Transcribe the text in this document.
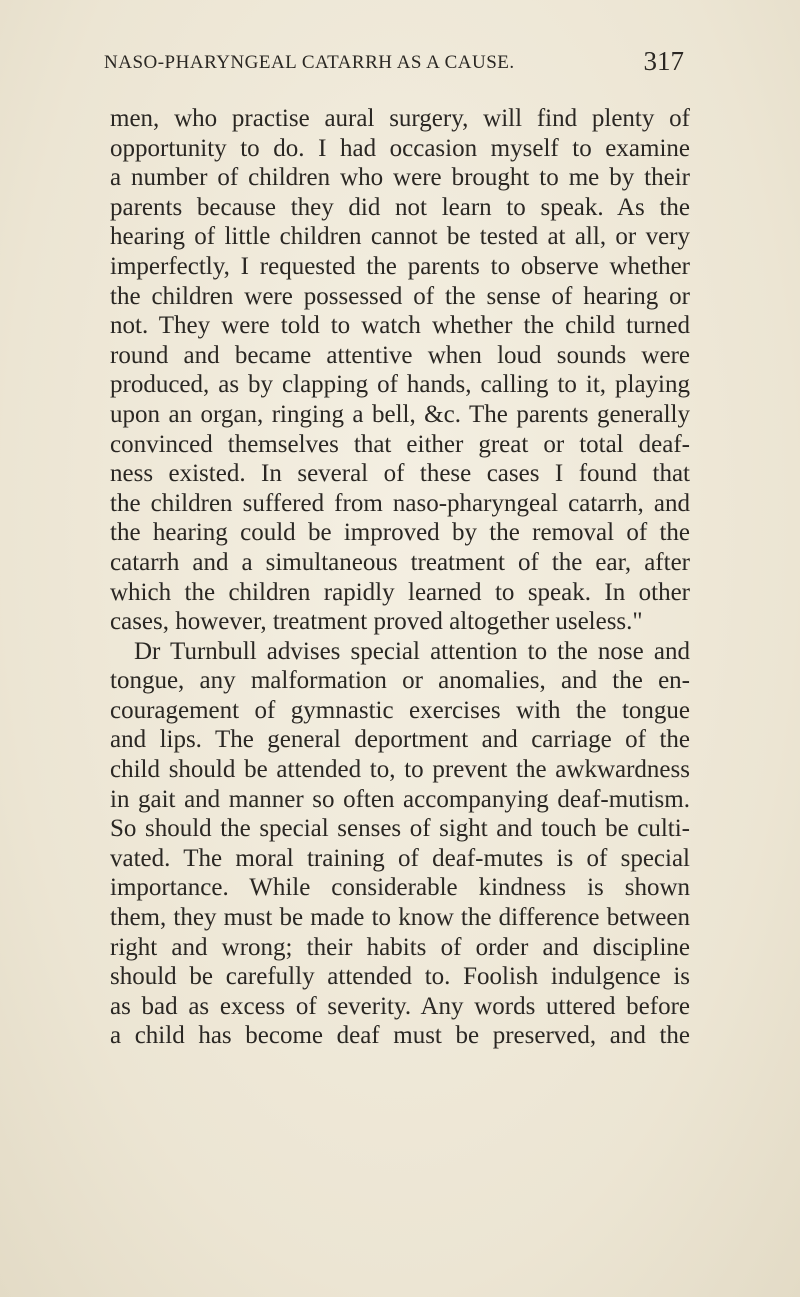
NASO-PHARYNGEAL CATARRH AS A CAUSE.	317
men, who practise aural surgery, will find plenty of
opportunity to do. I had occasion myself to examine
a number of children who were brought to me by their
parents because they did not learn to speak. As the
hearing of little children cannot be tested at all, or very
imperfectly, I requested the parents to observe whether
the children were possessed of the sense of hearing or
not. They were told to watch whether the child turned
round and became attentive when loud sounds were
produced, as by clapping of hands, calling to it, playing
upon an organ, ringing a bell, &c. The parents generally
convinced themselves that either great or total deaf-
ness existed. In several of these cases I found that
the children suffered from naso-pharyngeal catarrh, and
the hearing could be improved by the removal of the
catarrh and a simultaneous treatment of the ear, after
which the children rapidly learned to speak. In other
cases, however, treatment proved altogether useless."
Dr Turnbull advises special attention to the nose and
tongue, any malformation or anomalies, and the en-
couragement of gymnastic exercises with the tongue
and lips. The general deportment and carriage of the
child should be attended to, to prevent the awkwardness
in gait and manner so often accompanying deaf-mutism.
So should the special senses of sight and touch be culti-
vated. The moral training of deaf-mutes is of special
importance. While considerable kindness is shown
them, they must be made to know the difference between
right and wrong; their habits of order and discipline
should be carefully attended to. Foolish indulgence is
as bad as excess of severity. Any words uttered before
a child has become deaf must be preserved, and the
